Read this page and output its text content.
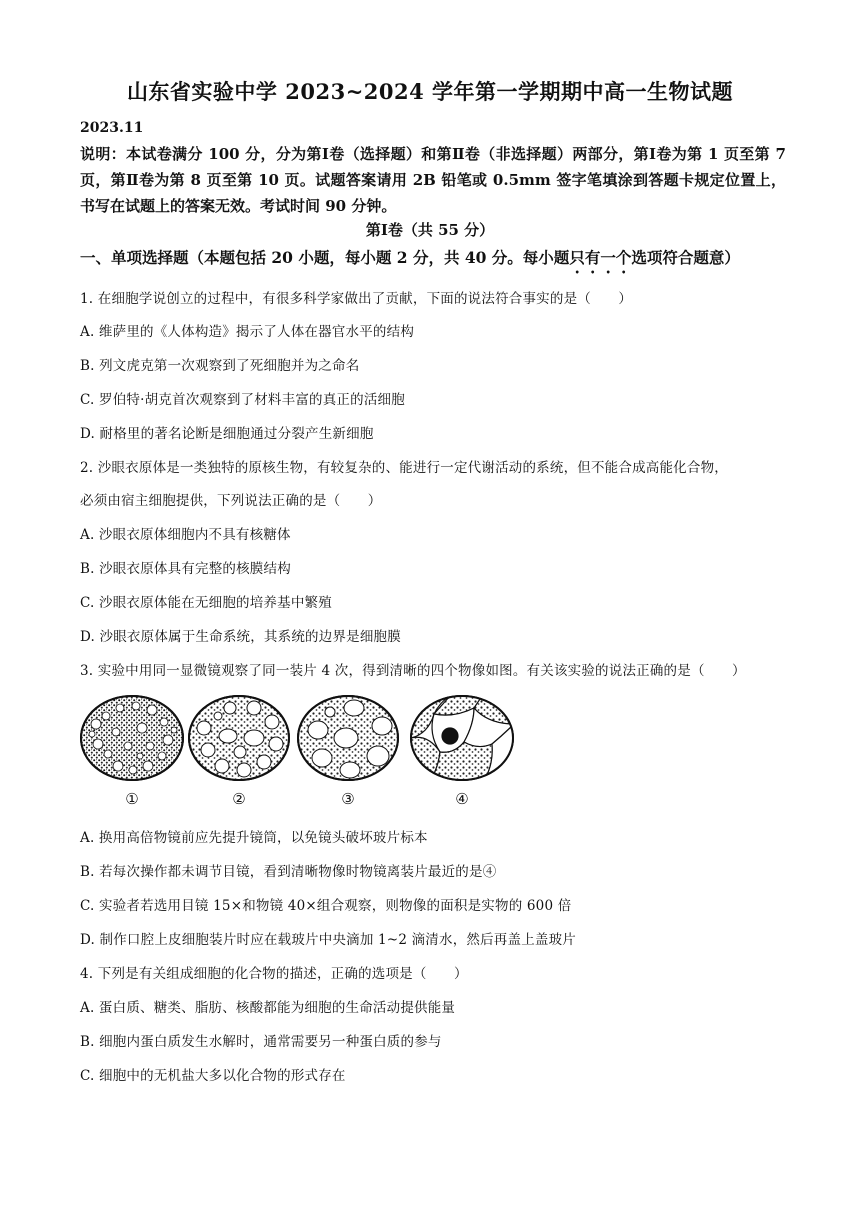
山东省实验中学 2023~2024 学年第一学期期中高一生物试题
2023.11
说明：本试卷满分 100 分，分为第Ⅰ卷（选择题）和第Ⅱ卷（非选择题）两部分，第Ⅰ卷为第 1 页至第 7 页，第Ⅱ卷为第 8 页至第 10 页。试题答案请用 2B 铅笔或 0.5mm 签字笔填涂到答题卡规定位置上，书写在试题上的答案无效。考试时间 90 分钟。
第Ⅰ卷（共 55 分）
一、单项选择题（本题包括 20 小题，每小题 2 分，共 40 分。每小题只有一个选项符合题意）
1. 在细胞学说创立的过程中，有很多科学家做出了贡献，下面的说法符合事实的是（　　）
A. 维萨里的《人体构造》揭示了人体在器官水平的结构
B. 列文虎克第一次观察到了死细胞并为之命名
C. 罗伯特·胡克首次观察到了材料丰富的真正的活细胞
D. 耐格里的著名论断是细胞通过分裂产生新细胞
2. 沙眼衣原体是一类独特的原核生物，有较复杂的、能进行一定代谢活动的系统，但不能合成高能化合物，
必须由宿主细胞提供，下列说法正确的是（　　）
A. 沙眼衣原体细胞内不具有核糖体
B. 沙眼衣原体具有完整的核膜结构
C. 沙眼衣原体能在无细胞的培养基中繁殖
D. 沙眼衣原体属于生命系统，其系统的边界是细胞膜
3. 实验中用同一显微镜观察了同一装片 4 次，得到清晰的四个物像如图。有关该实验的说法正确的是（　　）
①	②	③	④
A. 换用高倍物镜前应先提升镜筒，以免镜头破坏玻片标本
B. 若每次操作都未调节目镜，看到清晰物像时物镜离装片最近的是④
C. 实验者若选用目镜 15×和物镜 40×组合观察，则物像的面积是实物的 600 倍
D. 制作口腔上皮细胞装片时应在载玻片中央滴加 1~2 滴清水，然后再盖上盖玻片
4. 下列是有关组成细胞的化合物的描述，正确的选项是（　　）
A. 蛋白质、糖类、脂肪、核酸都能为细胞的生命活动提供能量
B. 细胞内蛋白质发生水解时，通常需要另一种蛋白质的参与
C. 细胞中的无机盐大多以化合物的形式存在
